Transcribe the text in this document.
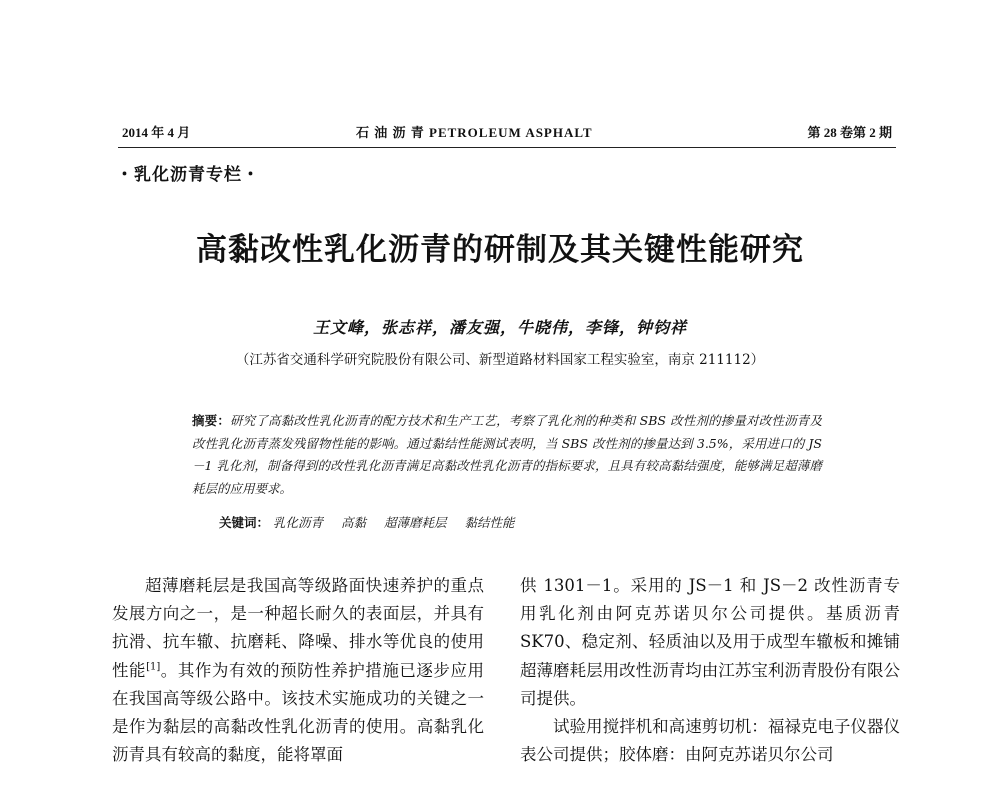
2014 年 4 月	石 油 沥 青 PETROLEUM ASPHALT	第 28 卷第 2 期
・乳化沥青专栏・
高黏改性乳化沥青的研制及其关键性能研究
王文峰，张志祥，潘友强，牛晓伟，李锋，钟钧祥
（江苏省交通科学研究院股份有限公司、新型道路材料国家工程实验室，南京 211112）
摘要：研究了高黏改性乳化沥青的配方技术和生产工艺，考察了乳化剂的种类和 SBS 改性剂的掺量对改性沥青及改性乳化沥青蒸发残留物性能的影响。通过黏结性能测试表明，当 SBS 改性剂的掺量达到 3.5%，采用进口的 JS－1 乳化剂，制备得到的改性乳化沥青满足高黏改性乳化沥青的指标要求，且具有较高黏结强度，能够满足超薄磨耗层的应用要求。
关键词： 乳化沥青 高黏 超薄磨耗层 黏结性能

超薄磨耗层是我国高等级路面快速养护的重点发展方向之一，是一种超长耐久的表面层，并具有抗滑、抗车辙、抗磨耗、降噪、排水等优良的使用性能[1]。其作为有效的预防性养护措施已逐步应用在我国高等级公路中。该技术实施成功的关键之一是作为黏层的高黏改性乳化沥青的使用。高黏乳化沥青具有较高的黏度，能将罩面

供 1301－1。采用的 JS－1 和 JS－2 改性沥青专用乳化剂由阿克苏诺贝尔公司提供。基质沥青 SK70、稳定剂、轻质油以及用于成型车辙板和摊铺超薄磨耗层用改性沥青均由江苏宝利沥青股份有限公司提供。

试验用搅拌机和高速剪切机：福禄克电子仪器仪表公司提供；胶体磨：由阿克苏诺贝尔公司
